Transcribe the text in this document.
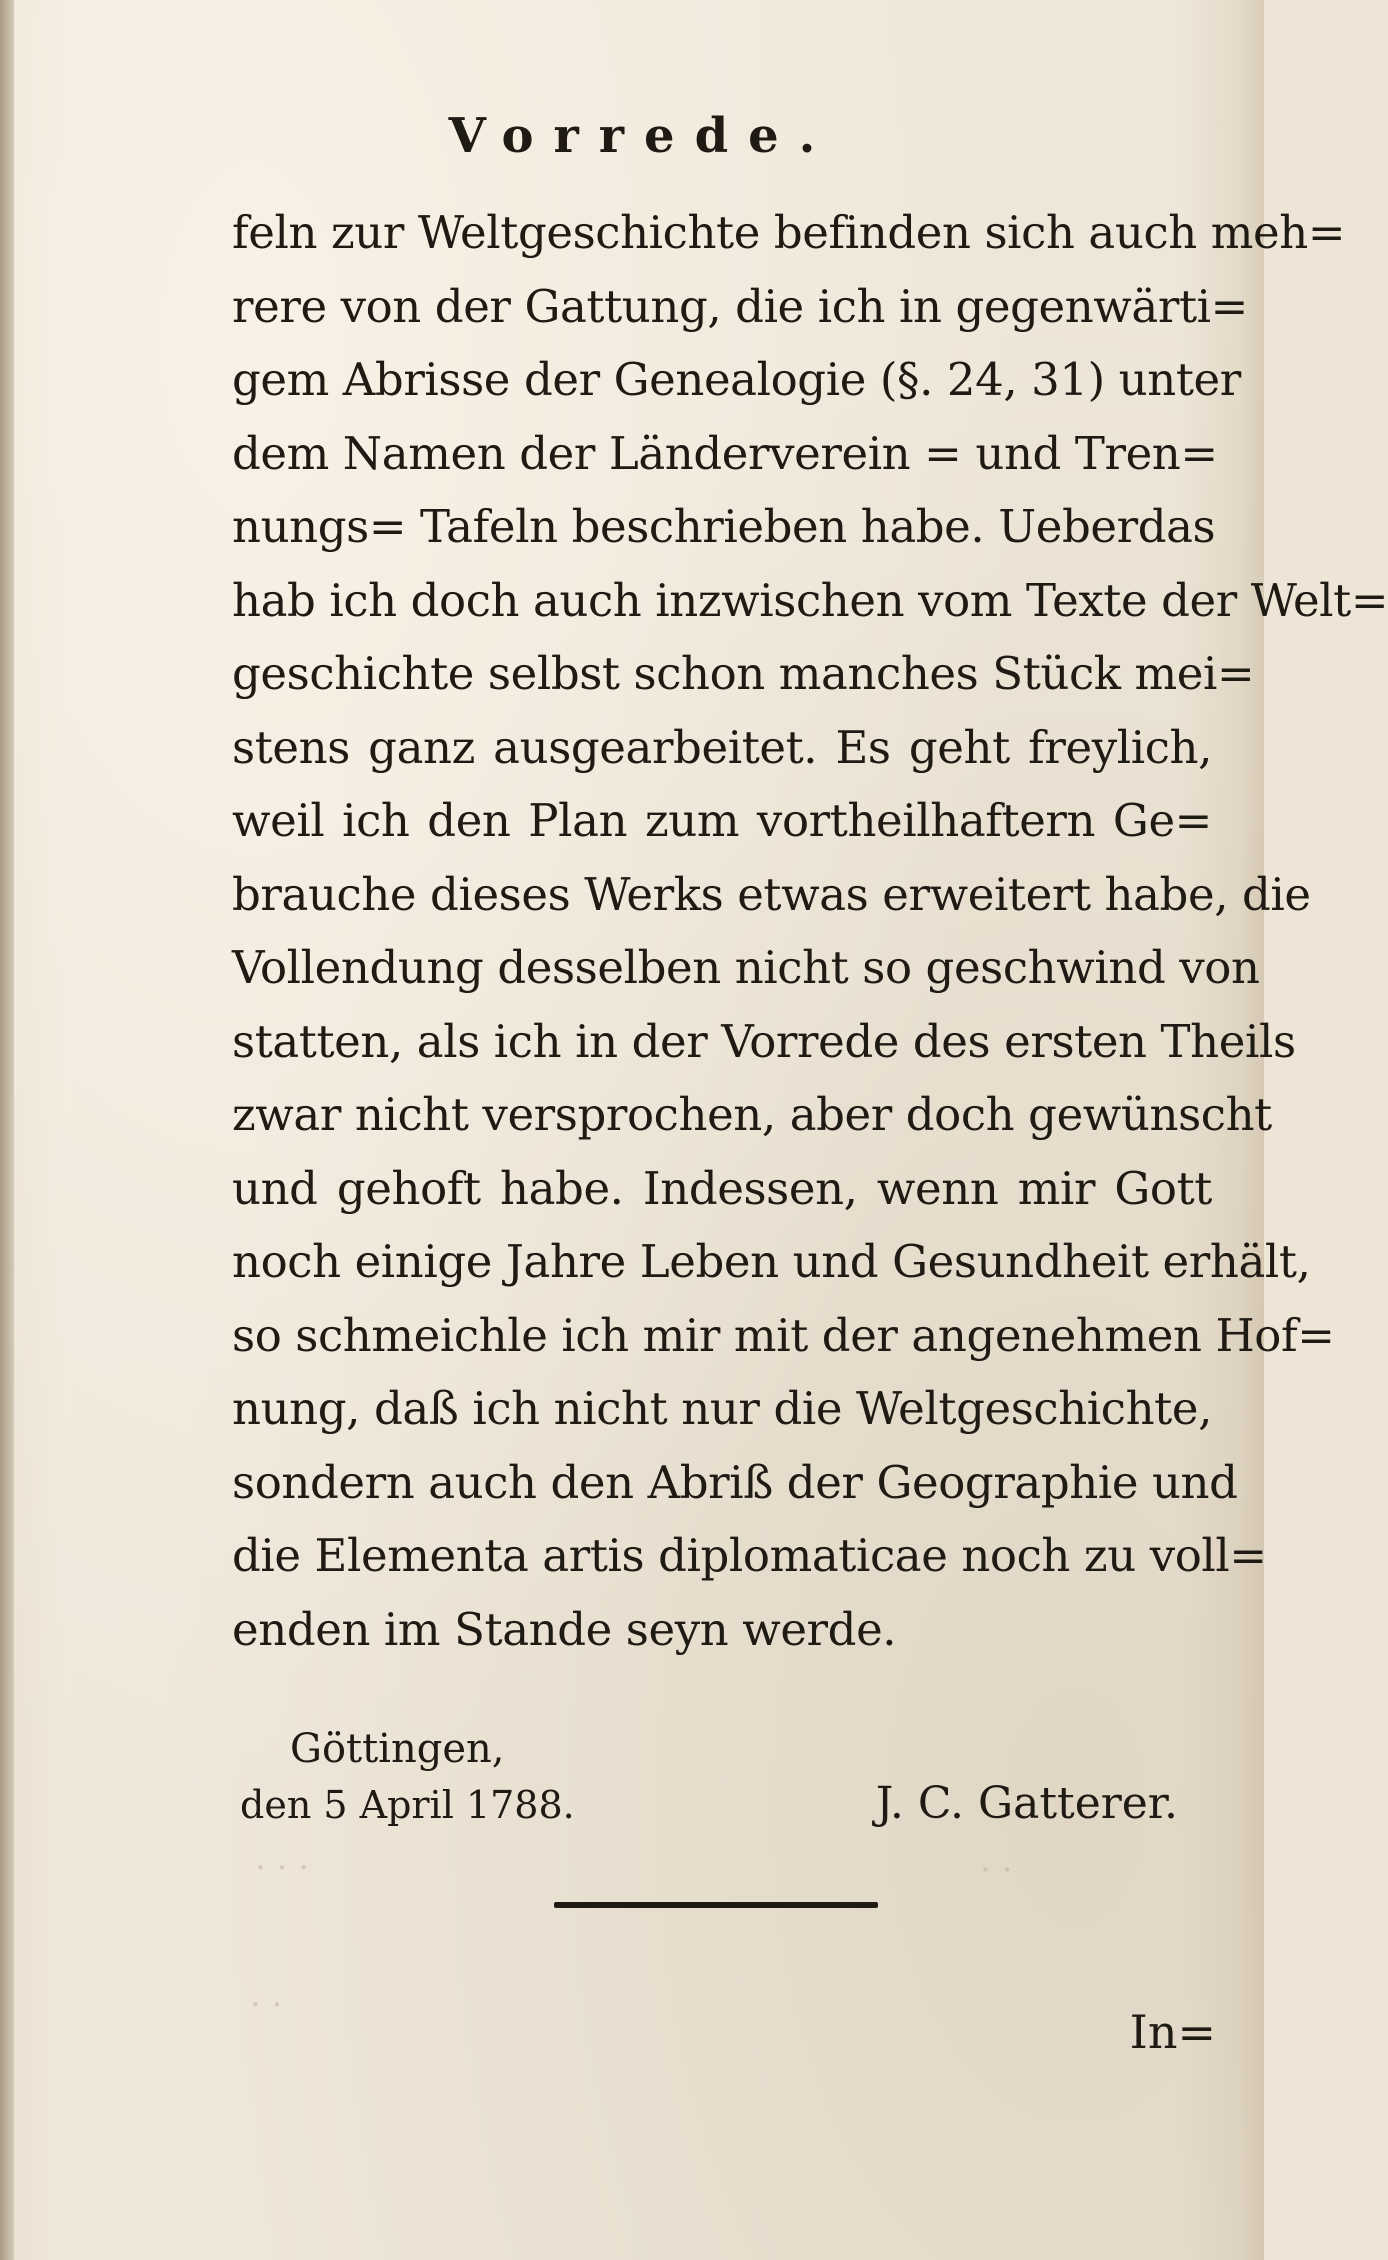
· · ·	· ·
· ·
Vorrede.
feln zur Weltgeschichte befinden sich auch meh=
rere von der Gattung, die ich in gegenwärti=
gem Abrisse der Genealogie (§. 24, 31) unter
dem Namen der Länderverein = und Tren=
nungs= Tafeln beschrieben habe. Ueberdas
hab ich doch auch inzwischen vom Texte der Welt=
geschichte selbst schon manches Stück mei=
stens ganz ausgearbeitet. Es geht freylich,
weil ich den Plan zum vortheilhaftern Ge=
brauche dieses Werks etwas erweitert habe, die
Vollendung desselben nicht so geschwind von
statten, als ich in der Vorrede des ersten Theils
zwar nicht versprochen, aber doch gewünscht
und gehoft habe. Indessen, wenn mir Gott
noch einige Jahre Leben und Gesundheit erhält,
so schmeichle ich mir mit der angenehmen Hof=
nung, daß ich nicht nur die Weltgeschichte,
sondern auch den Abriß der Geographie und
die Elementa artis diplomaticae noch zu voll=
enden im Stande seyn werde.
Göttingen,
den 5 April 1788.	J. C. Gatterer.
In=
